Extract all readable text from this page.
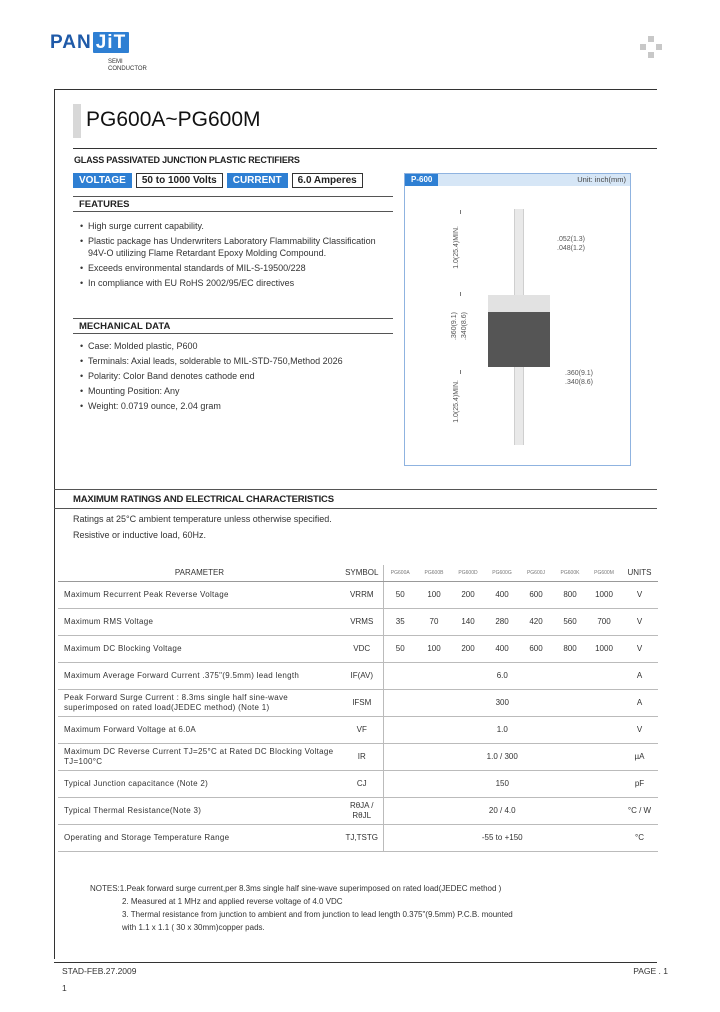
PAN JiT
SEMI
CONDUCTOR
PG600A~PG600M
GLASS PASSIVATED JUNCTION PLASTIC RECTIFIERS
VOLTAGE	50 to 1000 Volts	CURRENT	6.0 Amperes
FEATURES
• High surge current capability.
• Plastic package has Underwriters Laboratory Flammability Classification 94V-O utilizing Flame Retardant Epoxy Molding Compound.
• Exceeds environmental standards of MIL-S-19500/228
• In compliance with EU RoHS 2002/95/EC directives
MECHANICAL DATA
• Case: Molded plastic, P600
• Terminals: Axial leads, solderable to MIL-STD-750,Method 2026
• Polarity: Color Band denotes cathode end
• Mounting Position: Any
• Weight: 0.0719 ounce, 2.04 gram
P-600	Unit: inch(mm)
1.0(25.4)MIN.
.360(9.1) .340(8.6)
1.0(25.4)MIN.
.052(1.3)
.048(1.2)
.360(9.1)
.340(8.6)
MAXIMUM RATINGS AND ELECTRICAL CHARACTERISTICS
Ratings at 25°C ambient temperature unless otherwise specified.
Resistive or inductive load, 60Hz.
PARAMETER	SYMBOL	PG600A	PG600B	PG600D	PG600G	PG600J	PG600K	PG600M	UNITS
Maximum Recurrent Peak Reverse Voltage	VRRM	50	100	200	400	600	800	1000	V
Maximum RMS Voltage	VRMS	35	70	140	280	420	560	700	V
Maximum DC Blocking Voltage	VDC	50	100	200	400	600	800	1000	V
Maximum Average Forward Current .375"(9.5mm) lead length	IF(AV)	6.0							A
Peak Forward Surge Current : 8.3ms single half sine-wave superimposed on rated load(JEDEC method) (Note 1)	IFSM	300							A
Maximum Forward Voltage at 6.0A	VF	1.0							V
Maximum DC Reverse Current TJ=25°C at Rated DC Blocking Voltage TJ=100°C	IR	1.0 / 300							µA
Typical Junction capacitance (Note 2)	CJ	150							pF
Typical Thermal Resistance(Note 3)	RθJA / RθJL	20 / 4.0							°C / W
Operating and Storage Temperature Range	TJ,TSTG	-55 to +150							°C
NOTES:1.Peak forward surge current,per 8.3ms single half sine-wave superimposed on rated load(JEDEC method )
2. Measured at 1 MHz and applied reverse voltage of 4.0 VDC
3. Thermal resistance from junction to ambient and from junction to lead length 0.375"(9.5mm) P.C.B. mounted
with 1.1 x 1.1 ( 30 x 30mm)copper pads.
STAD-FEB.27.2009	PAGE . 1
1
